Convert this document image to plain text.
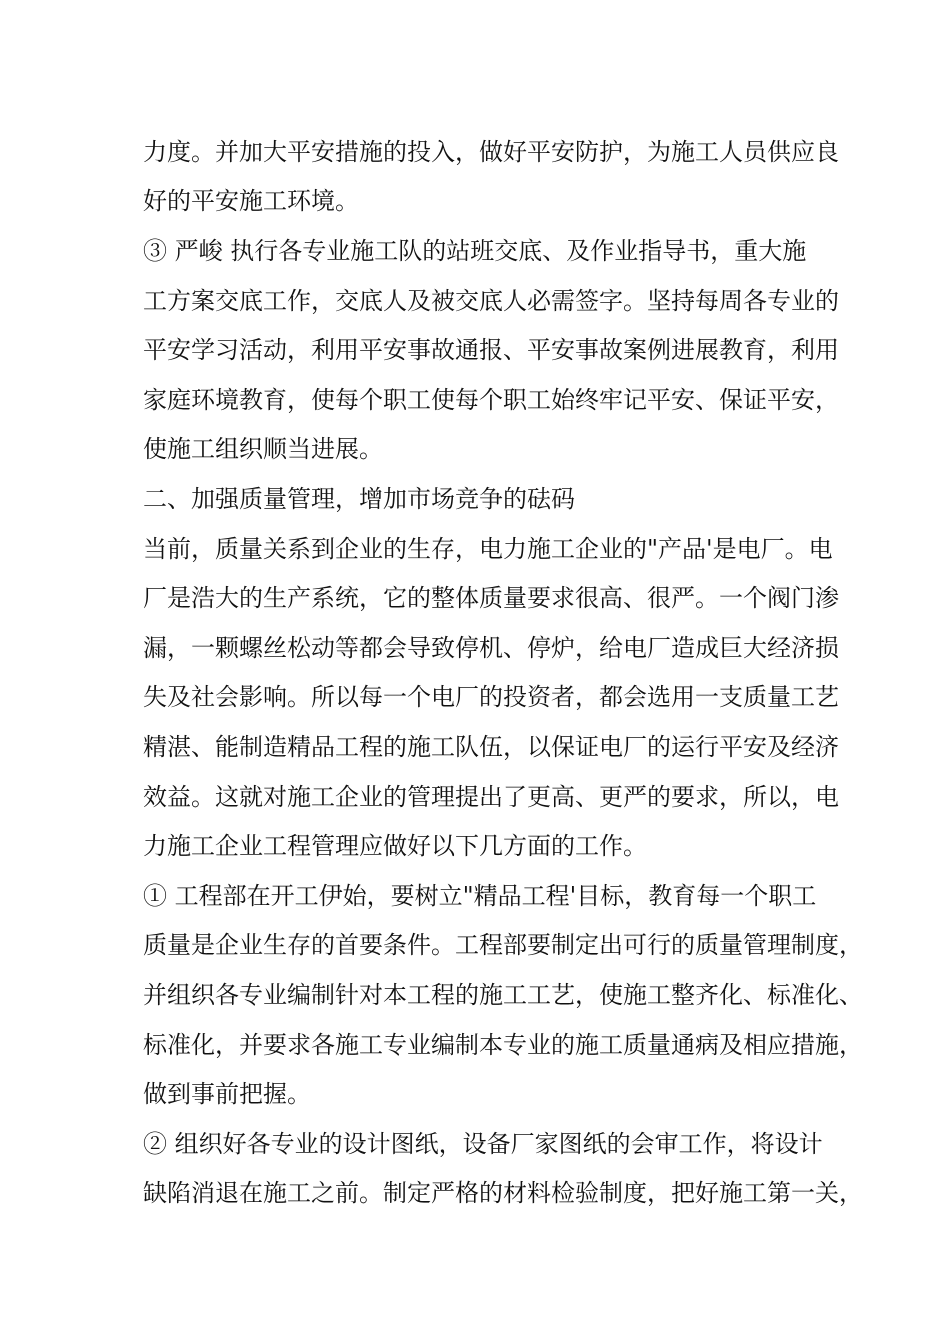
力度。并加大平安措施的投入，做好平安防护，为施工人员供应良
好的平安施工环境。
③ 严峻 执行各专业施工队的站班交底、及作业指导书，重大施
工方案交底工作，交底人及被交底人必需签字。坚持每周各专业的
平安学习活动，利用平安事故通报、平安事故案例进展教育，利用
家庭环境教育，使每个职工使每个职工始终牢记平安、保证平安，
使施工组织顺当进展。
二、加强质量管理，增加市场竞争的砝码
当前，质量关系到企业的生存，电力施工企业的"产品'是电厂。电
厂是浩大的生产系统，它的整体质量要求很高、很严。一个阀门渗
漏，一颗螺丝松动等都会导致停机、停炉，给电厂造成巨大经济损
失及社会影响。所以每一个电厂的投资者，都会选用一支质量工艺
精湛、能制造精品工程的施工队伍，以保证电厂的运行平安及经济
效益。这就对施工企业的管理提出了更高、更严的要求，所以，电
力施工企业工程管理应做好以下几方面的工作。
① 工程部在开工伊始，要树立"精品工程'目标，教育每一个职工
质量是企业生存的首要条件。工程部要制定出可行的质量管理制度，
并组织各专业编制针对本工程的施工工艺，使施工整齐化、标准化、
标准化，并要求各施工专业编制本专业的施工质量通病及相应措施，
做到事前把握。
② 组织好各专业的设计图纸，设备厂家图纸的会审工作，将设计
缺陷消退在施工之前。制定严格的材料检验制度，把好施工第一关，
